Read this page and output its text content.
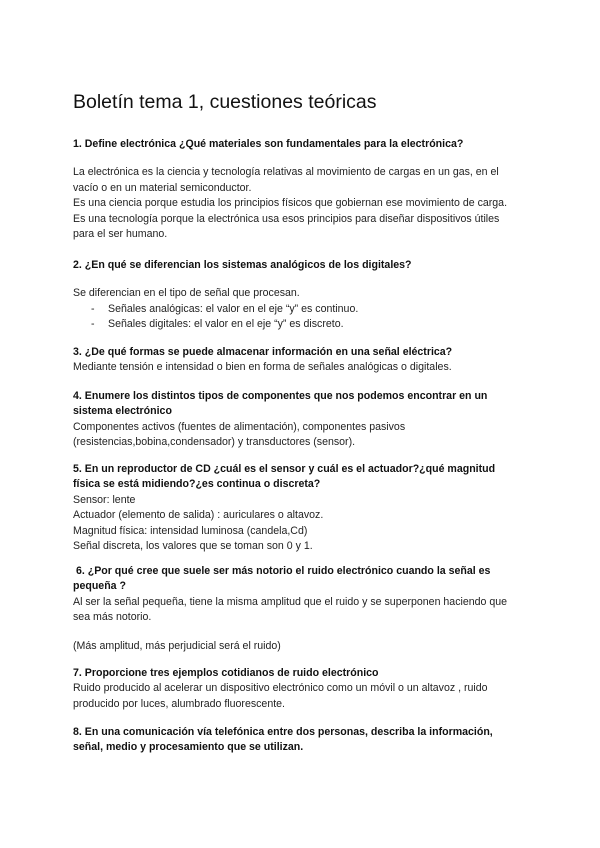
Boletín tema 1, cuestiones teóricas

1. Define electrónica ¿Qué materiales son fundamentales para la electrónica?

La electrónica es la ciencia y tecnología relativas al movimiento de cargas en un gas, en el

vacío o en un material semiconductor.

Es una ciencia porque estudia los principios físicos que gobiernan ese movimiento de carga.

Es una tecnología porque la electrónica usa esos principios para diseñar dispositivos útiles

para el ser humano.

2. ¿En qué se diferencian los sistemas analógicos de los digitales?

Se diferencian en el tipo de señal que procesan.

- Señales analógicas: el valor en el eje “y” es continuo.

- Señales digitales: el valor en el eje “y” es discreto.

3. ¿De qué formas se puede almacenar información en una señal eléctrica?

Mediante tensión e intensidad o bien en forma de señales analógicas o digitales.

4. Enumere los distintos tipos de componentes que nos podemos encontrar en un

sistema electrónico

Componentes activos (fuentes de alimentación), componentes pasivos

(resistencias,bobina,condensador) y transductores (sensor).

5. En un reproductor de CD ¿cuál es el sensor y cuál es el actuador?¿qué magnitud

física se está midiendo?¿es continua o discreta?

Sensor: lente

Actuador (elemento de salida) : auriculares o altavoz.

Magnitud física: intensidad luminosa (candela,Cd)

Señal discreta, los valores que se toman son 0 y 1.

6. ¿Por qué cree que suele ser más notorio el ruido electrónico cuando la señal es

pequeña ?

Al ser la señal pequeña, tiene la misma amplitud que el ruido y se superponen haciendo que

sea más notorio.

(Más amplitud, más perjudicial será el ruido)

7. Proporcione tres ejemplos cotidianos de ruido electrónico

Ruido producido al acelerar un dispositivo electrónico como un móvil o un altavoz , ruido

producido por luces, alumbrado fluorescente.

8. En una comunicación vía telefónica entre dos personas, describa la información,

señal, medio y procesamiento que se utilizan.
